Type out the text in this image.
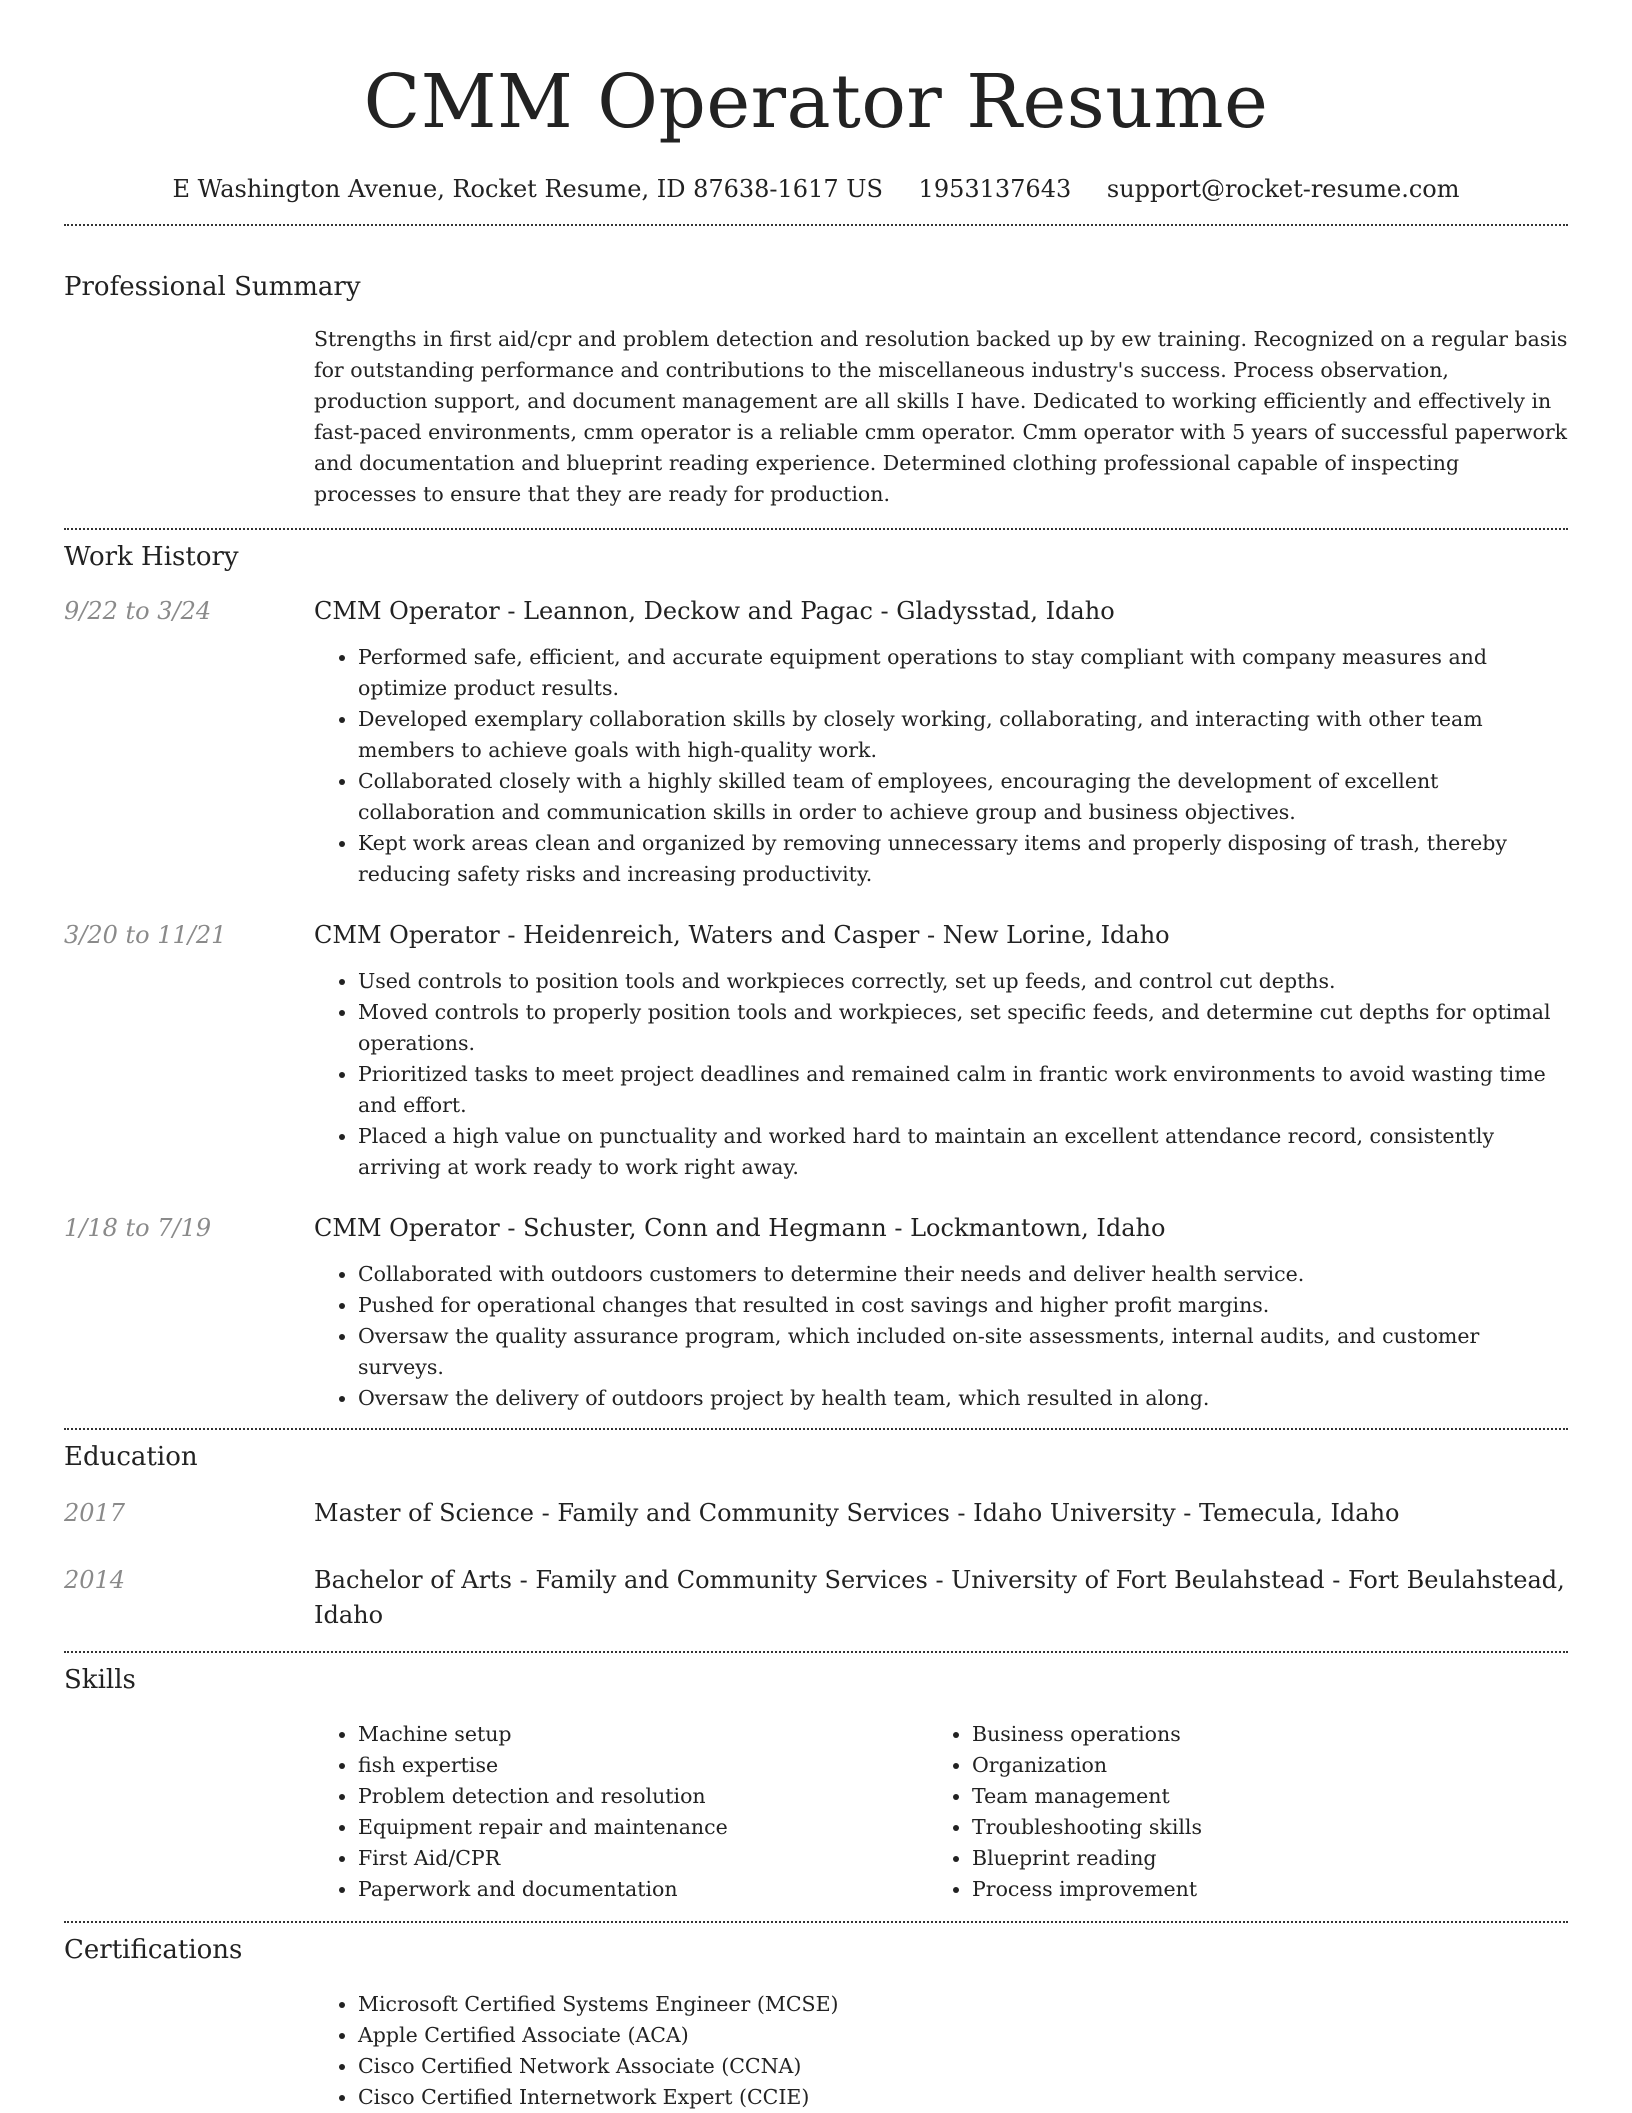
CMM Operator Resume
E Washington Avenue, Rocket Resume, ID 87638-1617 US 1953137643 support@rocket-resume.com
Professional Summary

Strengths in first aid/cpr and problem detection and resolution backed up by ew training. Recognized on a regular basis for outstanding performance and contributions to the miscellaneous industry's success. Process observation, production support, and document management are all skills I have. Dedicated to working efficiently and effectively in fast-paced environments, cmm operator is a reliable cmm operator. Cmm operator with 5 years of successful paperwork and documentation and blueprint reading experience. Determined clothing professional capable of inspecting processes to ensure that they are ready for production.

Work History
9/22 to 3/24	CMM Operator - Leannon, Deckow and Pagac - Gladysstad, Idaho
• Performed safe, efficient, and accurate equipment operations to stay compliant with company measures and optimize product results.
• Developed exemplary collaboration skills by closely working, collaborating, and interacting with other team members to achieve goals with high-quality work.
• Collaborated closely with a highly skilled team of employees, encouraging the development of excellent collaboration and communication skills in order to achieve group and business objectives.
• Kept work areas clean and organized by removing unnecessary items and properly disposing of trash, thereby reducing safety risks and increasing productivity.
3/20 to 11/21	CMM Operator - Heidenreich, Waters and Casper - New Lorine, Idaho
• Used controls to position tools and workpieces correctly, set up feeds, and control cut depths.
• Moved controls to properly position tools and workpieces, set specific feeds, and determine cut depths for optimal operations.
• Prioritized tasks to meet project deadlines and remained calm in frantic work environments to avoid wasting time and effort.
• Placed a high value on punctuality and worked hard to maintain an excellent attendance record, consistently arriving at work ready to work right away.
1/18 to 7/19	CMM Operator - Schuster, Conn and Hegmann - Lockmantown, Idaho
• Collaborated with outdoors customers to determine their needs and deliver health service.
• Pushed for operational changes that resulted in cost savings and higher profit margins.
• Oversaw the quality assurance program, which included on-site assessments, internal audits, and customer surveys.
• Oversaw the delivery of outdoors project by health team, which resulted in along.
Education
2017	Master of Science - Family and Community Services - Idaho University - Temecula, Idaho
2014	Bachelor of Arts - Family and Community Services - University of Fort Beulahstead - Fort Beulahstead, Idaho
Skills
• Machine setup
• fish expertise
• Problem detection and resolution
• Equipment repair and maintenance
• First Aid/CPR
• Paperwork and documentation
• Business operations
• Organization
• Team management
• Troubleshooting skills
• Blueprint reading
• Process improvement
Certifications
• Microsoft Certified Systems Engineer (MCSE)
• Apple Certified Associate (ACA)
• Cisco Certified Network Associate (CCNA)
• Cisco Certified Internetwork Expert (CCIE)
